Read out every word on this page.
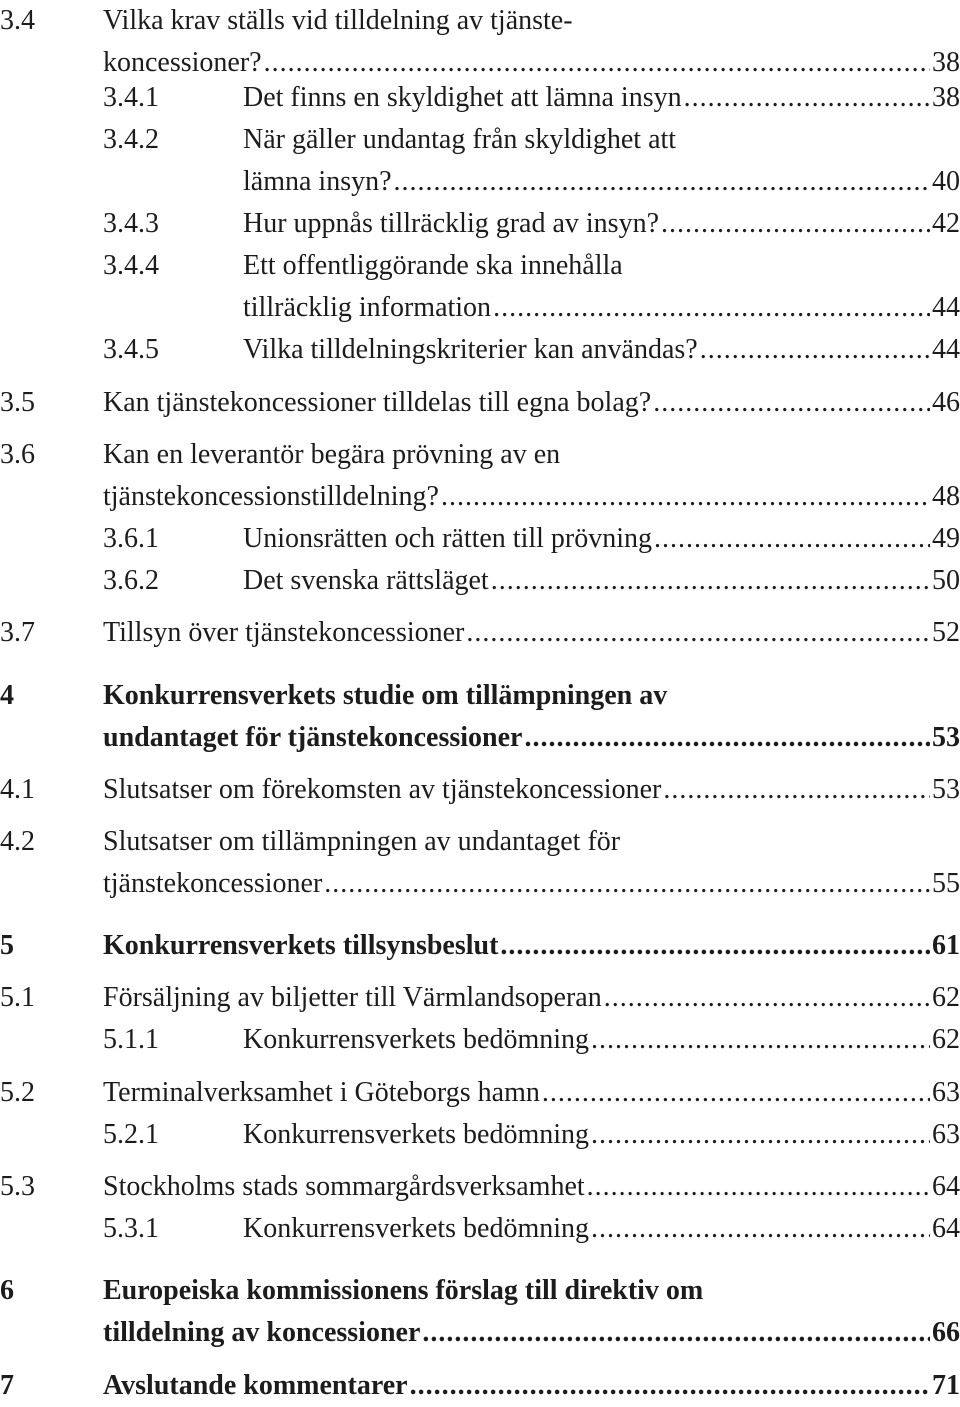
3.4 Vilka krav ställs vid tilldelning av tjänste-
koncessioner? . . .	38
3.4.1	Det finns en skyldighet att lämna insyn . . .	38
3.4.2	När gäller undantag från skyldighet att
lämna insyn? . . .	40
3.4.3	Hur uppnås tillräcklig grad av insyn? . . .	42
3.4.4	Ett offentliggörande ska innehålla
tillräcklig information . . .	44
3.4.5	Vilka tilldelningskriterier kan användas? . . .	44
3.5 Kan tjänstekoncessioner tilldelas till egna bolag? . . .	46
3.6 Kan en leverantör begära prövning av en
tjänstekoncessionstilldelning? . . .	48
3.6.1	Unionsrätten och rätten till prövning . . .	49
3.6.2	Det svenska rättsläget . . .	50
3.7 Tillsyn över tjänstekoncessioner . . .	52
4	Konkurrensverkets studie om tillämpningen av
undantaget för tjänstekoncessioner . . .	53
4.1 Slutsatser om förekomsten av tjänstekoncessioner . . .	53
4.2 Slutsatser om tillämpningen av undantaget för
tjänstekoncessioner . . .	55
5	Konkurrensverkets tillsynsbeslut . . .	61
5.1 Försäljning av biljetter till Värmlandsoperan . . .	62
5.1.1	Konkurrensverkets bedömning . . .	62
5.2 Terminalverksamhet i Göteborgs hamn . . .	63
5.2.1	Konkurrensverkets bedömning . . .	63
5.3 Stockholms stads sommargårdsverksamhet . . .	64
5.3.1	Konkurrensverkets bedömning . . .	64
6	Europeiska kommissionens förslag till direktiv om
tilldelning av koncessioner . . .	66
7	Avslutande kommentarer . . .	71
